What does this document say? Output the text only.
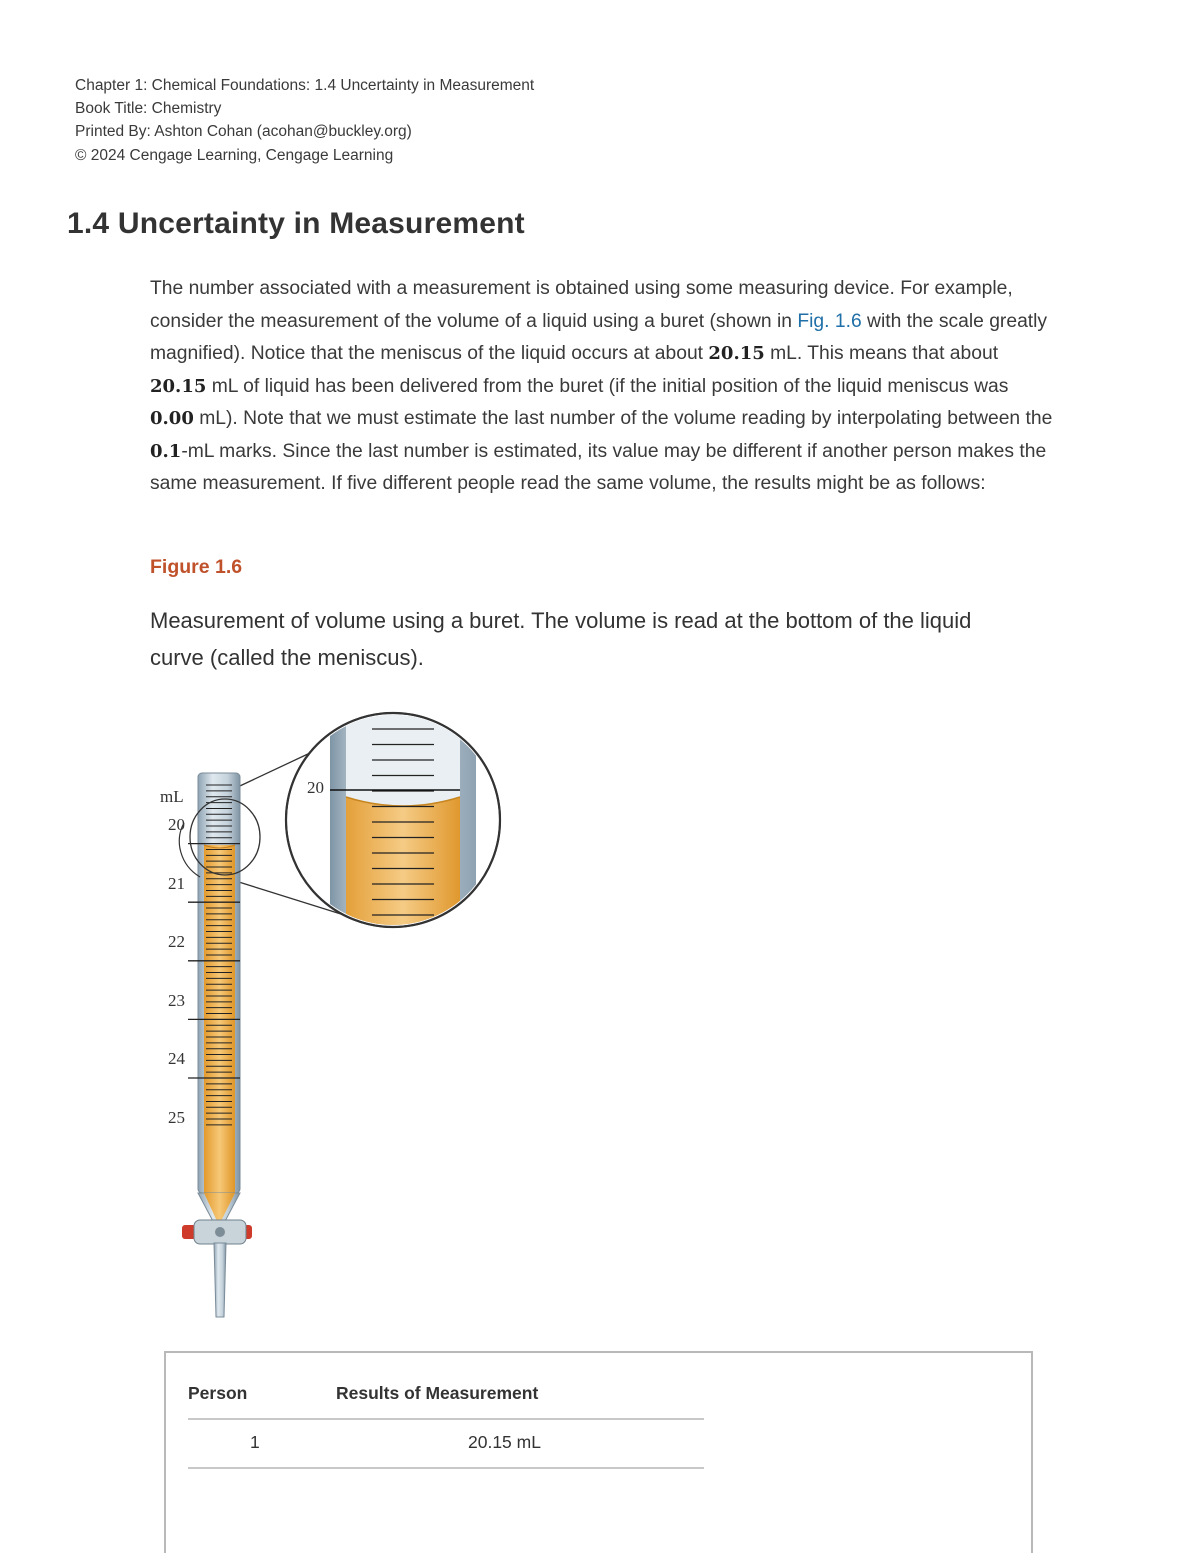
Chapter 1: Chemical Foundations: 1.4 Uncertainty in Measurement
Book Title: Chemistry
Printed By: Ashton Cohan (acohan@buckley.org)
© 2024 Cengage Learning, Cengage Learning
1.4 Uncertainty in Measurement
The number associated with a measurement is obtained using some measuring device. For example, consider the measurement of the volume of a liquid using a buret (shown in Fig. 1.6 with the scale greatly magnified). Notice that the meniscus of the liquid occurs at about 20.15 mL. This means that about 20.15 mL of liquid has been delivered from the buret (if the initial position of the liquid meniscus was 0.00 mL). Note that we must estimate the last number of the volume reading by interpolating between the 0.1-mL marks. Since the last number is estimated, its value may be different if another person makes the same measurement. If five different people read the same volume, the results might be as follows:
Figure 1.6
Measurement of volume using a buret. The volume is read at the bottom of the liquid curve (called the meniscus).
mL
20
21
22
23
24
25
20
Person	Results of Measurement
1	20.15 mL
